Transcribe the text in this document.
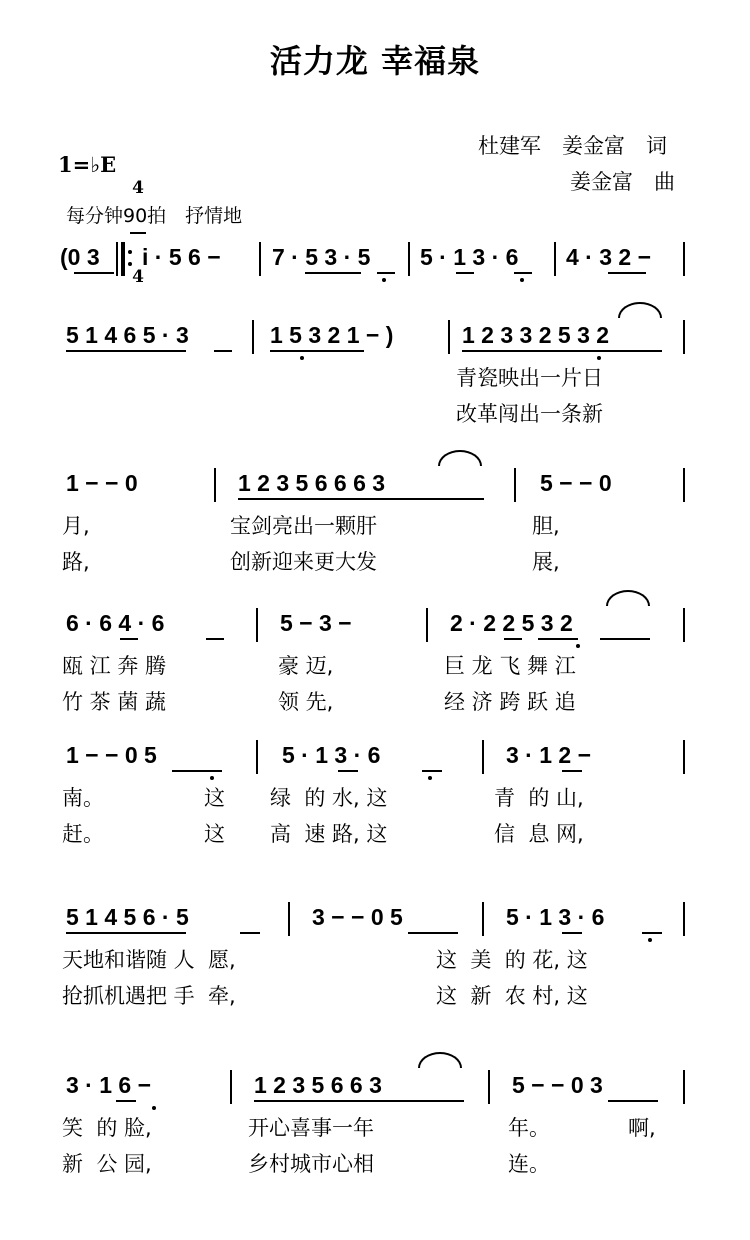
活力龙 幸福泉
杜建军　姜金富　词
姜金富　曲
1=♭E

4

4

每分钟90拍　抒情地
(0 3 i · 5 6 − 7 · 5 3 · 5 5 · 1 3 · 6 4 · 3 2 −
5 1 4 6 5 · 3	1 5 3 2 1 − )	1 2 3 3 2 5 3 2
青瓷映出一片日
改革闯出一条新
1 − − 0	1 2 3 5 6 6 6 3	5 − − 0
月,	宝剑亮出一颗肝	胆,
路,	创新迎来更大发	展,
6 · 6 4 · 6	5 − 3 −	2 · 2 2 5 3 2
瓯 江 奔 腾	豪 迈,	巨 龙 飞 舞 江
竹 茶 菌 蔬	领 先,	经 济 跨 跃 追
1 − − 0 5	5 · 1 3 · 6	3 · 1 2 −
南。	这 绿  的 水, 这	青  的 山,
赶。	这 高  速 路, 这	信  息 网,
5 1 4 5 6 · 5	3 − − 0 5	5 · 1 3 · 6
天地和谐随 人  愿,	这  美  的 花, 这
抢抓机遇把 手  牵,	这  新  农 村, 这
3 · 1 6 −	1 2 3 5 6 6 3	5 − − 0 3
笑  的 脸,	开心喜事一年	年。	啊,
新  公 园,	乡村城市心相	连。
